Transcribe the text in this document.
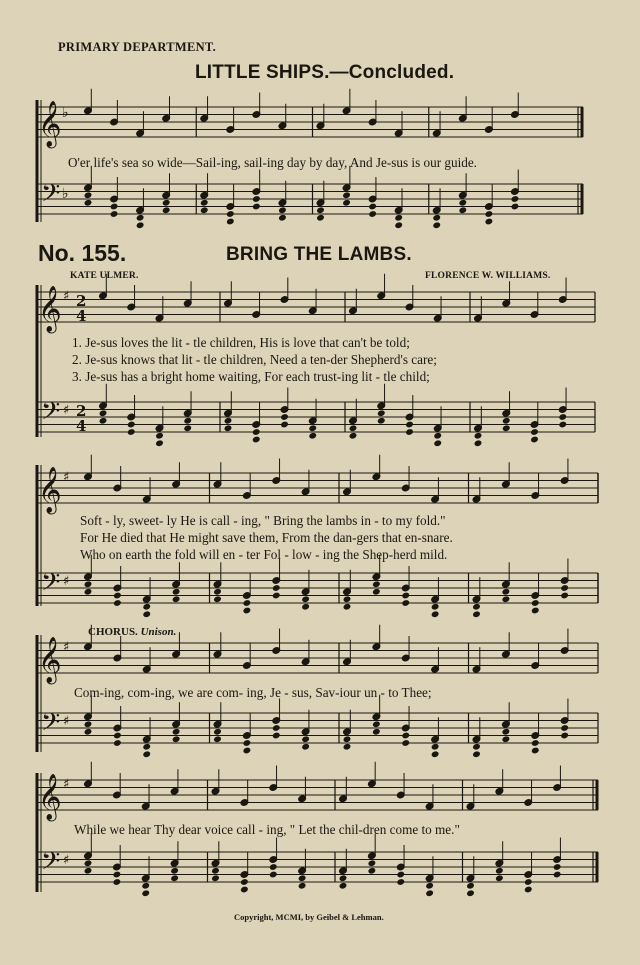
PRIMARY DEPARTMENT.
LITTLE SHIPS.—Concluded.
O'er life's sea so wide—Sail-ing, sail-ing day by day, And Je-sus is our guide.
No. 155.	BRING THE LAMBS.
KATE ULMER.	FLORENCE W. WILLIAMS.
1. Je-sus loves the lit - tle children, His is love that can't be told;
2. Je-sus knows that lit - tle children, Need a ten-der Shepherd's care;
3. Je-sus has a bright home waiting, For each trust-ing lit - tle child;
Soft - ly, sweet- ly He is call - ing, " Bring the lambs in - to my fold."
For He died that He might save them, From the dan-gers that en-snare.
Who on earth the fold will en - ter Fol - low - ing the Shep-herd mild.
CHORUS. Unison.
Com-ing, com-ing, we are com- ing, Je - sus, Sav-iour un - to Thee;
While we hear Thy dear voice call - ing, " Let the chil-dren come to me."
Copyright, MCMI, by Geibel & Lehman.
𝄞 ♭
𝄢 ♭
𝄞 ♯ 2
4
𝄢 ♯ 2
4
𝄞 ♯
𝄢 ♯
𝄞 ♯
𝄢 ♯
𝄞 ♯
𝄢 ♯
